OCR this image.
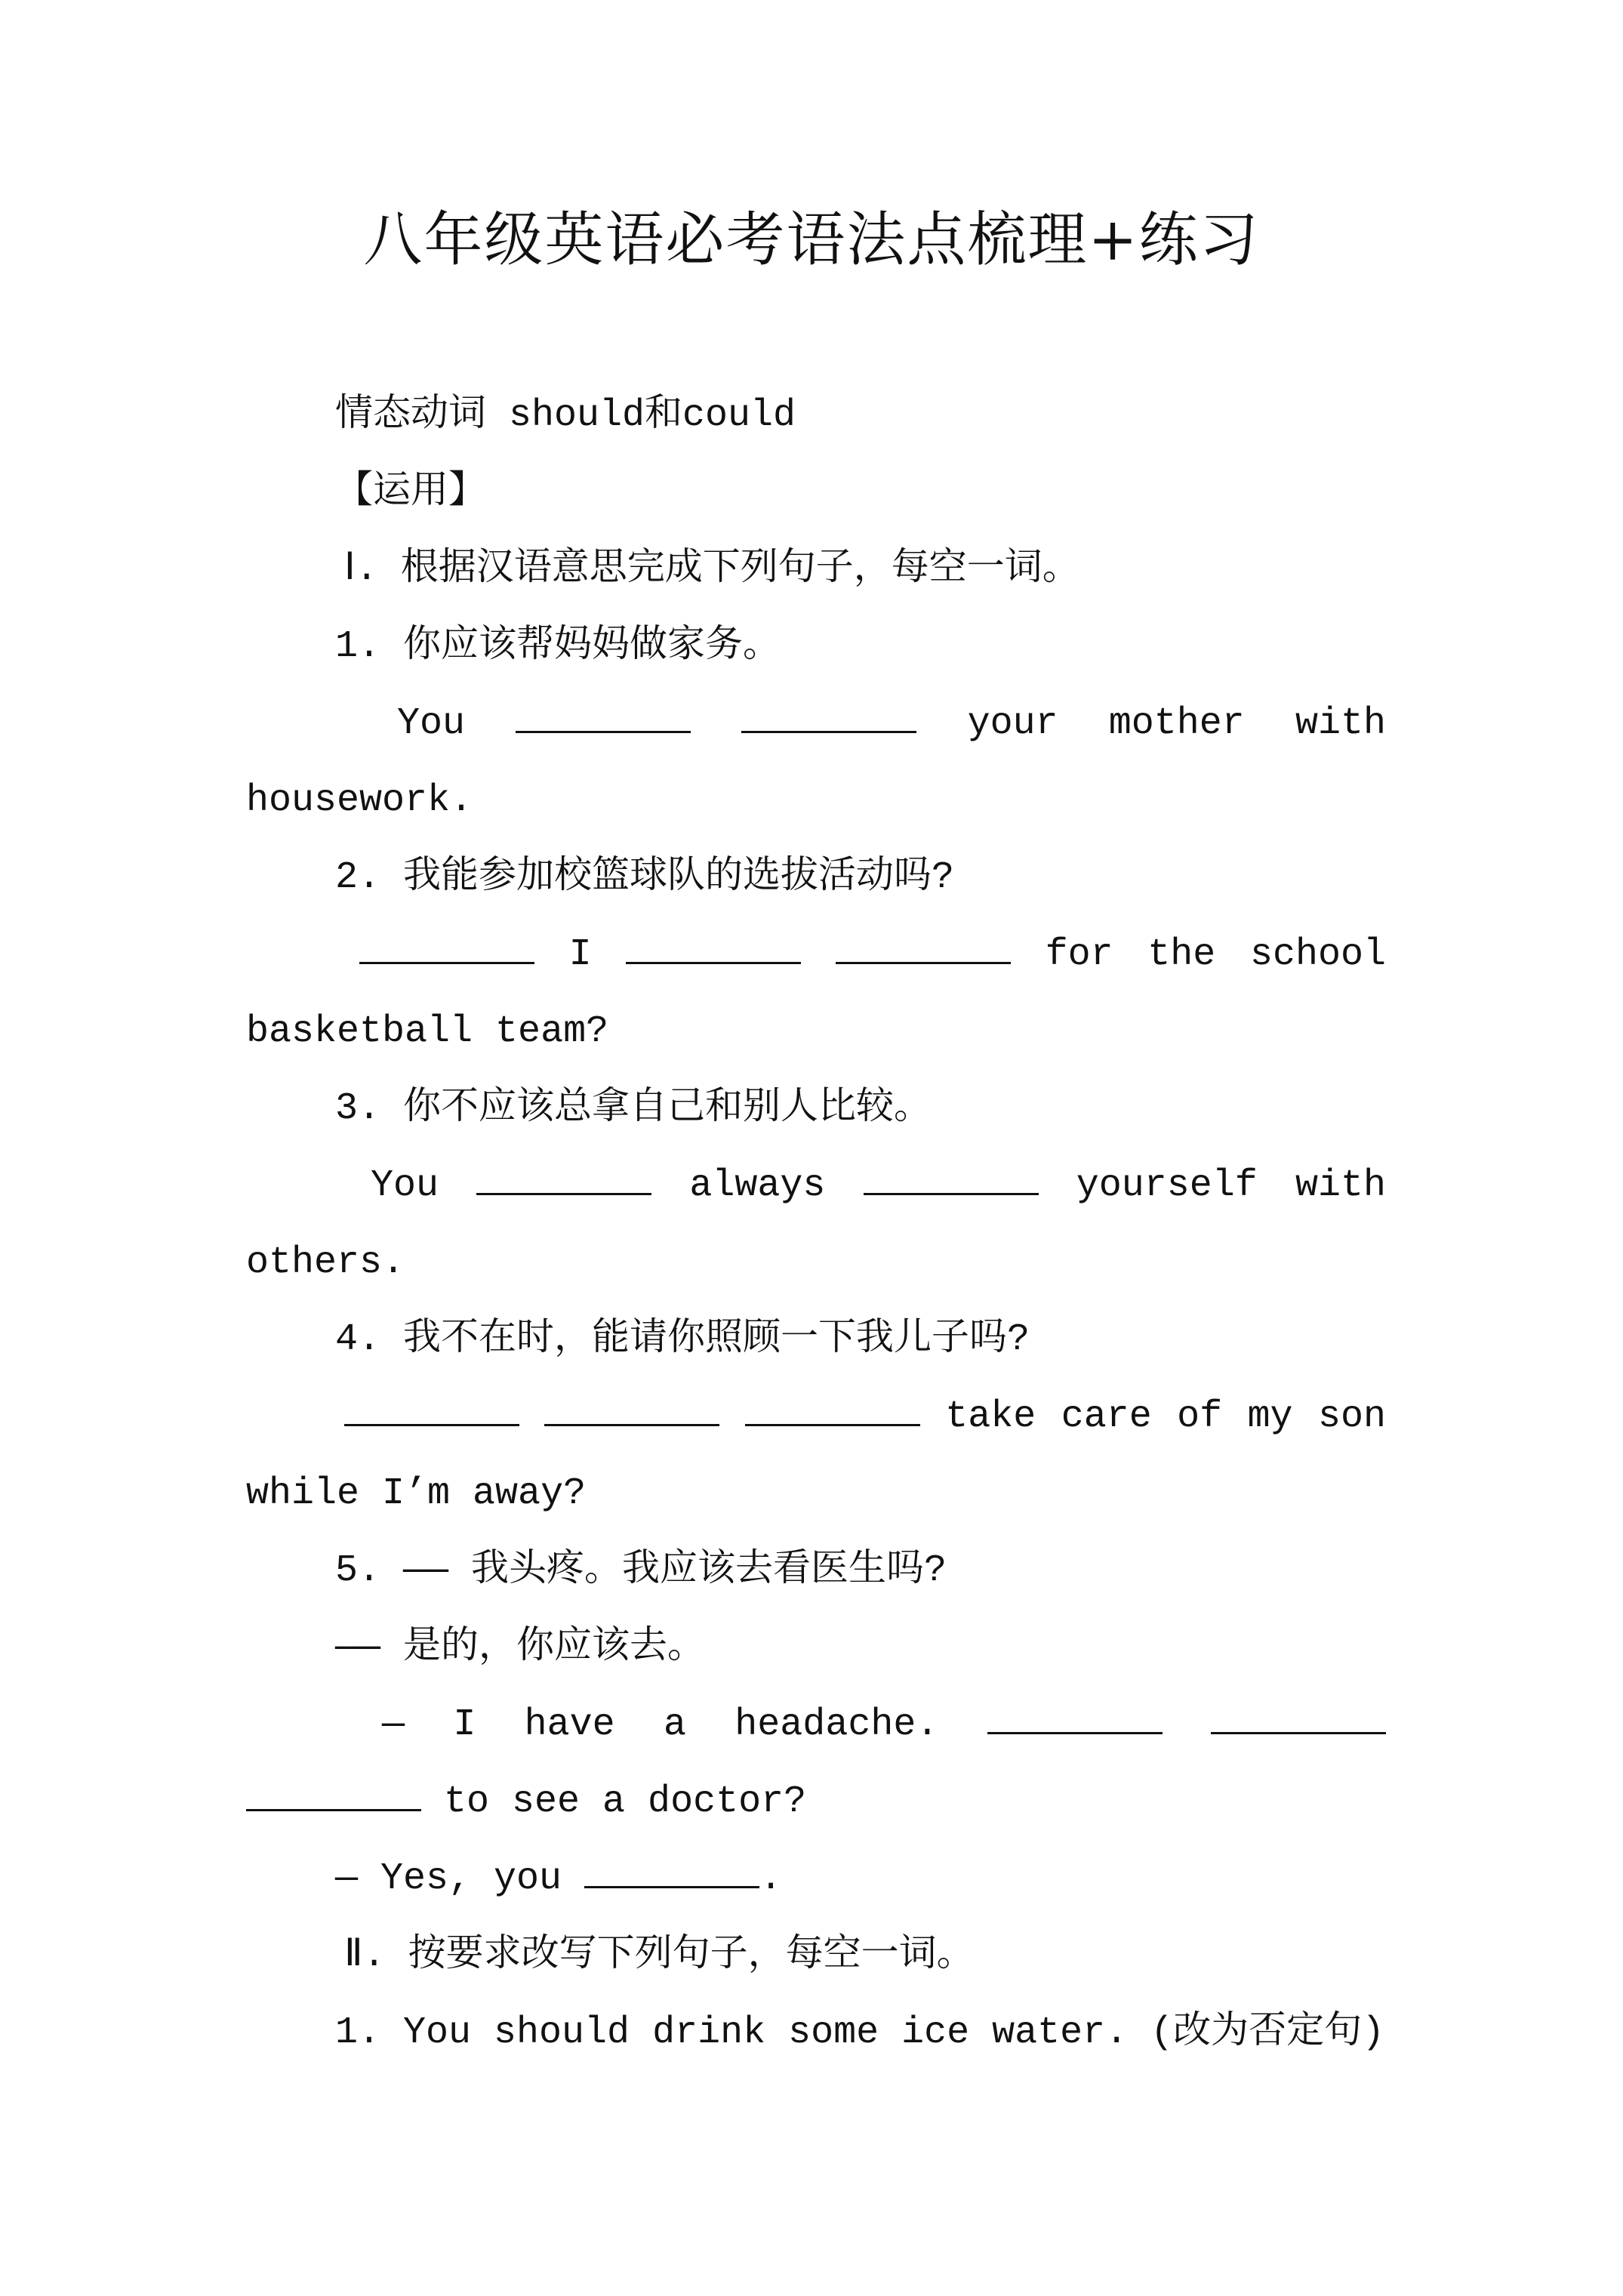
八年级英语必考语法点梳理+练习

情态动词 should和could

【运用】

Ⅰ. 根据汉语意思完成下列句子，每空一词。

1. 你应该帮妈妈做家务。

You	your mother with

housework.

2. 我能参加校篮球队的选拔活动吗?

I	for the school

basketball team?

3. 你不应该总拿自己和别人比较。

You	always	yourself with

others.

4. 我不在时，能请你照顾一下我儿子吗?

take care of my son

while I’m away?

5. —— 我头疼。我应该去看医生吗?

—— 是的，你应该去。

— I have a headache.

to see a doctor?

— Yes, you	.

Ⅱ. 按要求改写下列句子，每空一词。

1. You should drink some ice water. (改为否定句)
